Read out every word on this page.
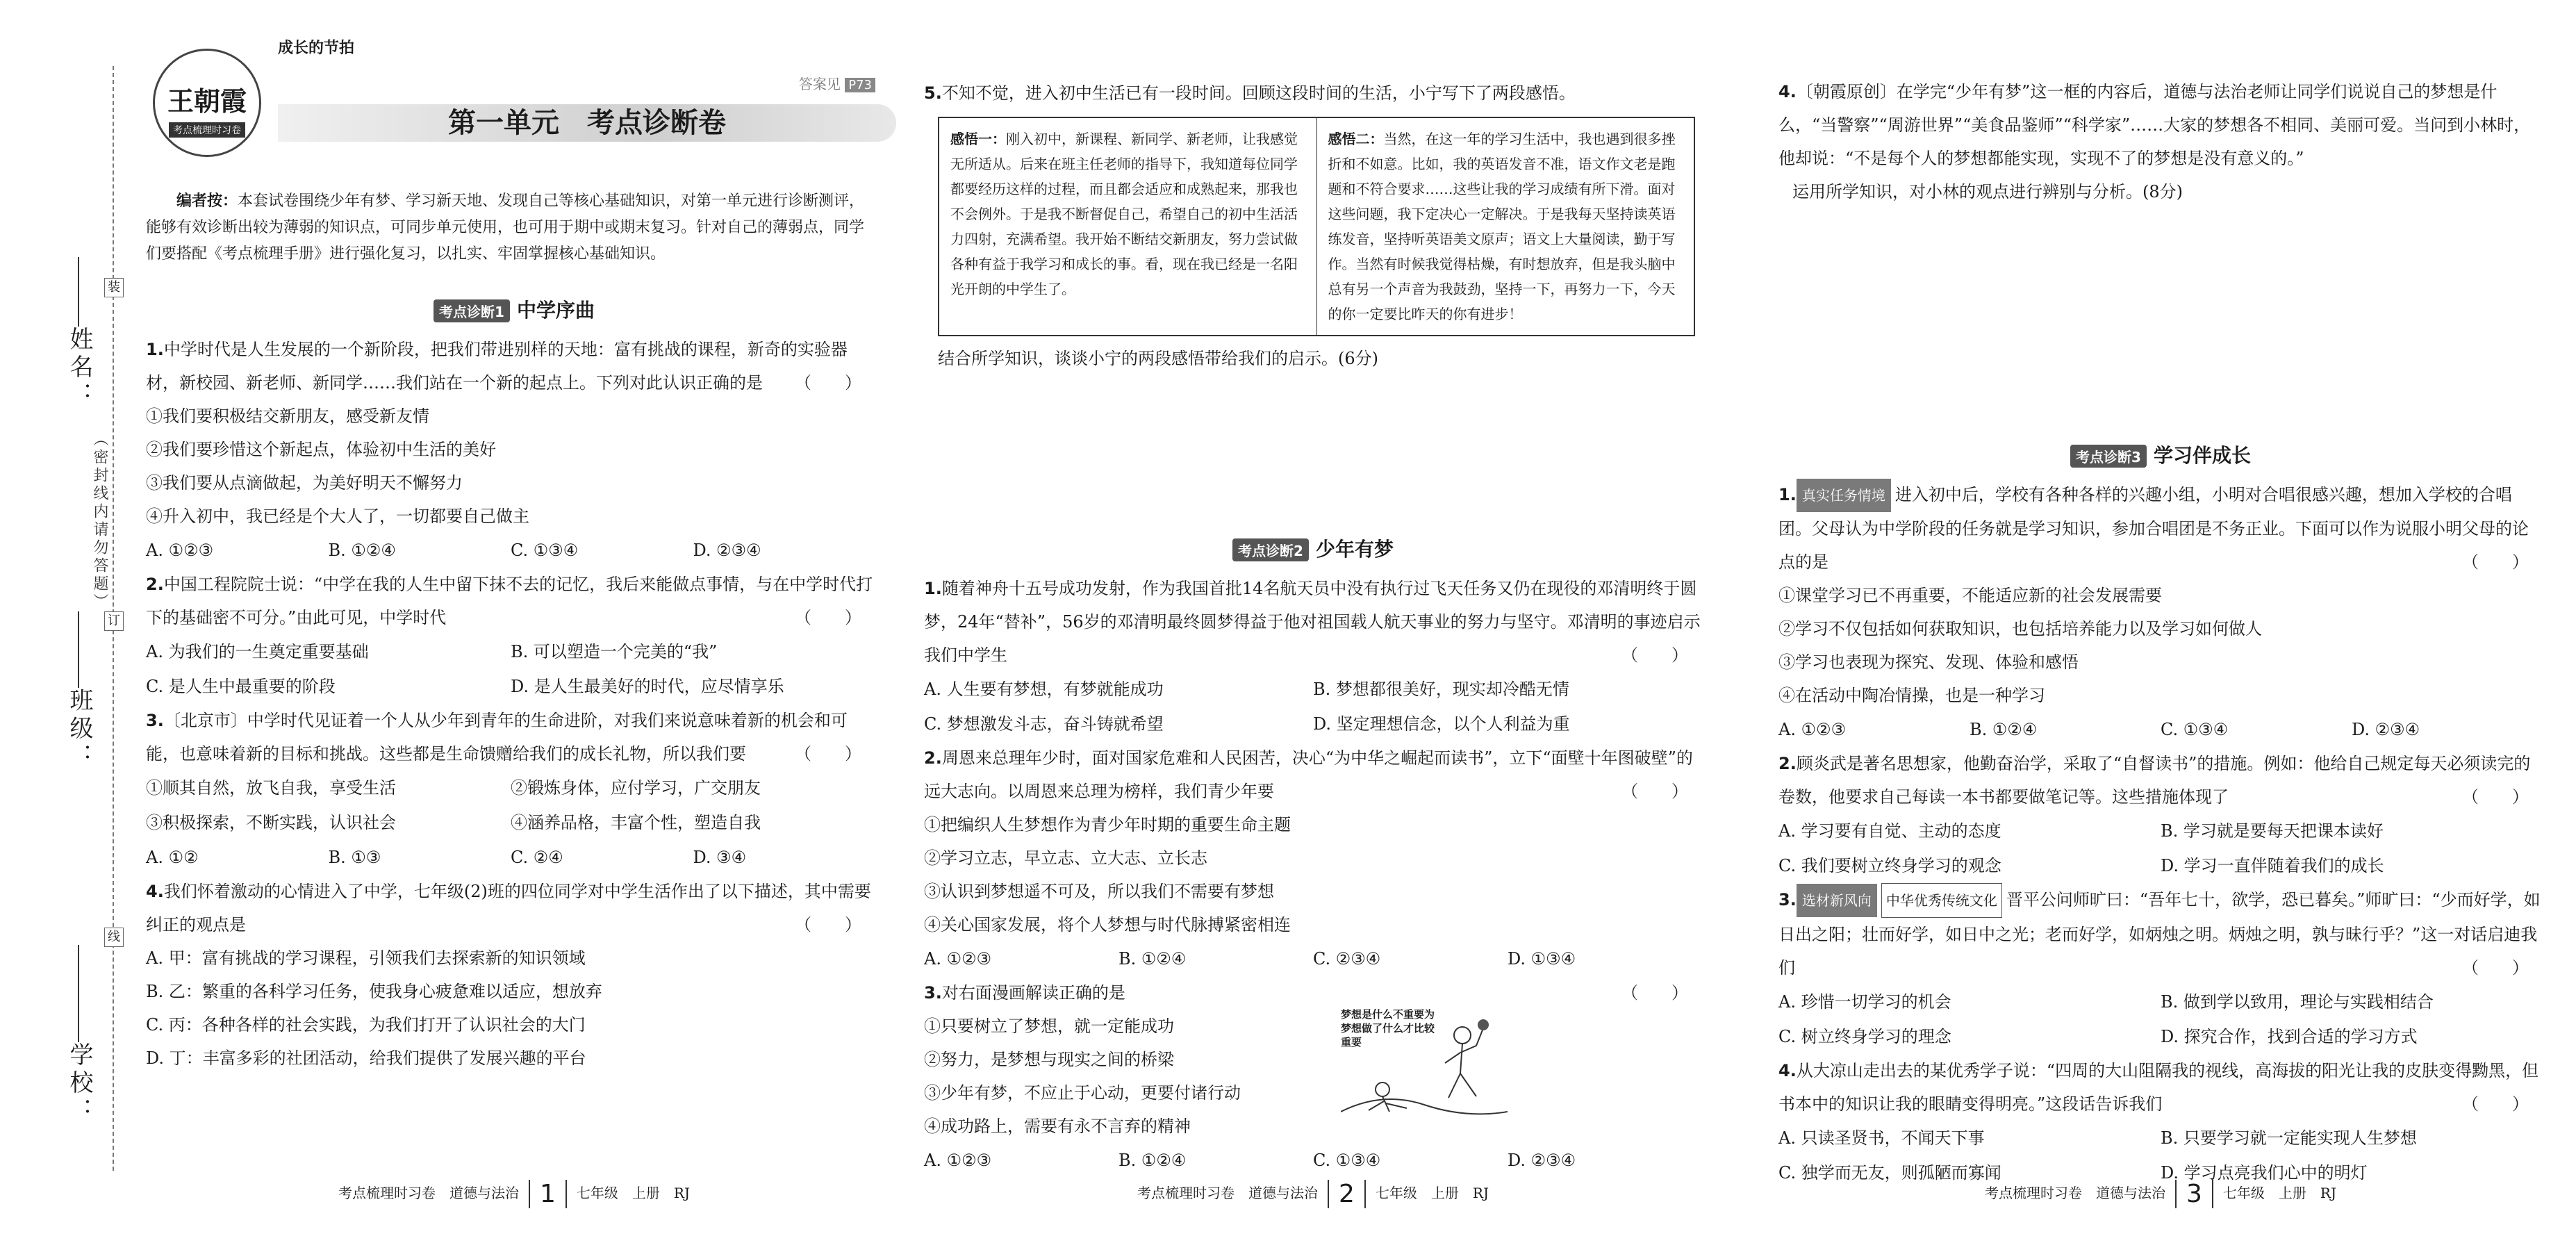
姓名：
班级：
学校：
（密封线内请勿答题）
装
订
线
王朝霞
考点梳理时习卷
成长的节拍
答案见 P73
第一单元　考点诊断卷
编者按：本套试卷围绕少年有梦、学习新天地、发现自己等核心基础知识，对第一单元进行诊断测评，能够有效诊断出较为薄弱的知识点，可同步单元使用，也可用于期中或期末复习。针对自己的薄弱点，同学们要搭配《考点梳理手册》进行强化复习，以扎实、牢固掌握核心基础知识。
考点诊断1 中学序曲
1.中学时代是人生发展的一个新阶段，把我们带进别样的天地：富有挑战的课程，新奇的实验器材，新校园、新老师、新同学……我们站在一个新的起点上。下列对此认识正确的是 （　　）
①我们要积极结交新朋友，感受新友情
②我们要珍惜这个新起点，体验初中生活的美好
③我们要从点滴做起，为美好明天不懈努力
④升入初中，我已经是个大人了，一切都要自己做主
A. ①②③	B. ①②④	C. ①③④	D. ②③④
2.中国工程院院士说：“中学在我的人生中留下抹不去的记忆，我后来能做点事情，与在中学时代打下的基础密不可分。”由此可见，中学时代	（　　）
A. 为我们的一生奠定重要基础	B. 可以塑造一个完美的“我”
C. 是人生中最重要的阶段	D. 是人生最美好的时代，应尽情享乐
3.〔北京市〕中学时代见证着一个人从少年到青年的生命进阶，对我们来说意味着新的机会和可能，也意味着新的目标和挑战。这些都是生命馈赠给我们的成长礼物，所以我们要	（　　）
①顺其自然，放飞自我，享受生活	②锻炼身体，应付学习，广交朋友
③积极探索，不断实践，认识社会	④涵养品格，丰富个性，塑造自我
A. ①②	B. ①③	C. ②④	D. ③④
4.我们怀着激动的心情进入了中学，七年级(2)班的四位同学对中学生活作出了以下描述，其中需要纠正的观点是	（　　）
A. 甲：富有挑战的学习课程，引领我们去探索新的知识领域
B. 乙：繁重的各科学习任务，使我身心疲惫难以适应，想放弃
C. 丙：各种各样的社会实践，为我们打开了认识社会的大门
D. 丁：丰富多彩的社团活动，给我们提供了发展兴趣的平台
考点梳理时习卷　道德与法治 1 七年级　上册　RJ
5.不知不觉，进入初中生活已有一段时间。回顾这段时间的生活，小宁写下了两段感悟。
感悟一：刚入初中，新课程、新同学、新老师，让我感觉无所适从。后来在班主任老师的指导下，我知道每位同学都要经历这样的过程，而且都会适应和成熟起来，那我也不会例外。于是我不断督促自己，希望自己的初中生活活力四射，充满希望。我开始不断结交新朋友，努力尝试做各种有益于我学习和成长的事。看，现在我已经是一名阳光开朗的中学生了。
感悟二：当然，在这一年的学习生活中，我也遇到很多挫折和不如意。比如，我的英语发音不准，语文作文老是跑题和不符合要求……这些让我的学习成绩有所下滑。面对这些问题，我下定决心一定解决。于是我每天坚持读英语练发音，坚持听英语美文原声；语文上大量阅读，勤于写作。当然有时候我觉得枯燥，有时想放弃，但是我头脑中总有另一个声音为我鼓劲，坚持一下，再努力一下，今天的你一定要比昨天的你有进步！
结合所学知识，谈谈小宁的两段感悟带给我们的启示。(6分)
考点诊断2 少年有梦
1.随着神舟十五号成功发射，作为我国首批14名航天员中没有执行过飞天任务又仍在现役的邓清明终于圆梦，24年“替补”，56岁的邓清明最终圆梦得益于他对祖国载人航天事业的努力与坚守。邓清明的事迹启示我们中学生	（　　）
A. 人生要有梦想，有梦就能成功	B. 梦想都很美好，现实却冷酷无情
C. 梦想激发斗志，奋斗铸就希望	D. 坚定理想信念，以个人利益为重
2.周恩来总理年少时，面对国家危难和人民困苦，决心“为中华之崛起而读书”，立下“面壁十年图破壁”的远大志向。以周恩来总理为榜样，我们青少年要	（　　）
①把编织人生梦想作为青少年时期的重要生命主题
②学习立志，早立志、立大志、立长志
③认识到梦想遥不可及，所以我们不需要有梦想
④关心国家发展，将个人梦想与时代脉搏紧密相连
A. ①②③	B. ①②④	C. ②③④	D. ①③④
3.对右面漫画解读正确的是	（　　）
①只要树立了梦想，就一定能成功
②努力，是梦想与现实之间的桥梁
③少年有梦，不应止于心动，更要付诸行动
④成功路上，需要有永不言弃的精神
A. ①②③	B. ①②④	C. ①③④	D. ②③④
梦想是什么不重要为梦想做了什么才比较重要
考点梳理时习卷　道德与法治 2 七年级　上册　RJ
4.〔朝霞原创〕在学完“少年有梦”这一框的内容后，道德与法治老师让同学们说说自己的梦想是什么，“当警察”“周游世界”“美食品鉴师”“科学家”……大家的梦想各不相同、美丽可爱。当问到小林时，他却说：“不是每个人的梦想都能实现，实现不了的梦想是没有意义的。”
运用所学知识，对小林的观点进行辨别与分析。(8分)
考点诊断3 学习伴成长
1. 真实任务情境 进入初中后，学校有各种各样的兴趣小组，小明对合唱很感兴趣，想加入学校的合唱团。父母认为中学阶段的任务就是学习知识，参加合唱团是不务正业。下面可以作为说服小明父母的论点的是	（　　）
①课堂学习已不再重要，不能适应新的社会发展需要
②学习不仅包括如何获取知识，也包括培养能力以及学习如何做人
③学习也表现为探究、发现、体验和感悟
④在活动中陶冶情操，也是一种学习
A. ①②③	B. ①②④	C. ①③④	D. ②③④
2.顾炎武是著名思想家，他勤奋治学，采取了“自督读书”的措施。例如：他给自己规定每天必须读完的卷数，他要求自己每读一本书都要做笔记等。这些措施体现了	（　　）
A. 学习要有自觉、主动的态度	B. 学习就是要每天把课本读好
C. 我们要树立终身学习的观念	D. 学习一直伴随着我们的成长
3. 选材新风向 中华优秀传统文化 晋平公问师旷曰：“吾年七十，欲学，恐已暮矣。”师旷曰：“少而好学，如日出之阳；壮而好学，如日中之光；老而好学，如炳烛之明。炳烛之明，孰与昧行乎？”这一对话启迪我们	（　　）
A. 珍惜一切学习的机会	B. 做到学以致用，理论与实践相结合
C. 树立终身学习的理念	D. 探究合作，找到合适的学习方式
4.从大凉山走出去的某优秀学子说：“四周的大山阻隔我的视线，高海拔的阳光让我的皮肤变得黝黑，但书本中的知识让我的眼睛变得明亮。”这段话告诉我们	（　　）
A. 只读圣贤书，不闻天下事	B. 只要学习就一定能实现人生梦想
C. 独学而无友，则孤陋而寡闻	D. 学习点亮我们心中的明灯
考点梳理时习卷　道德与法治 3 七年级　上册　RJ
